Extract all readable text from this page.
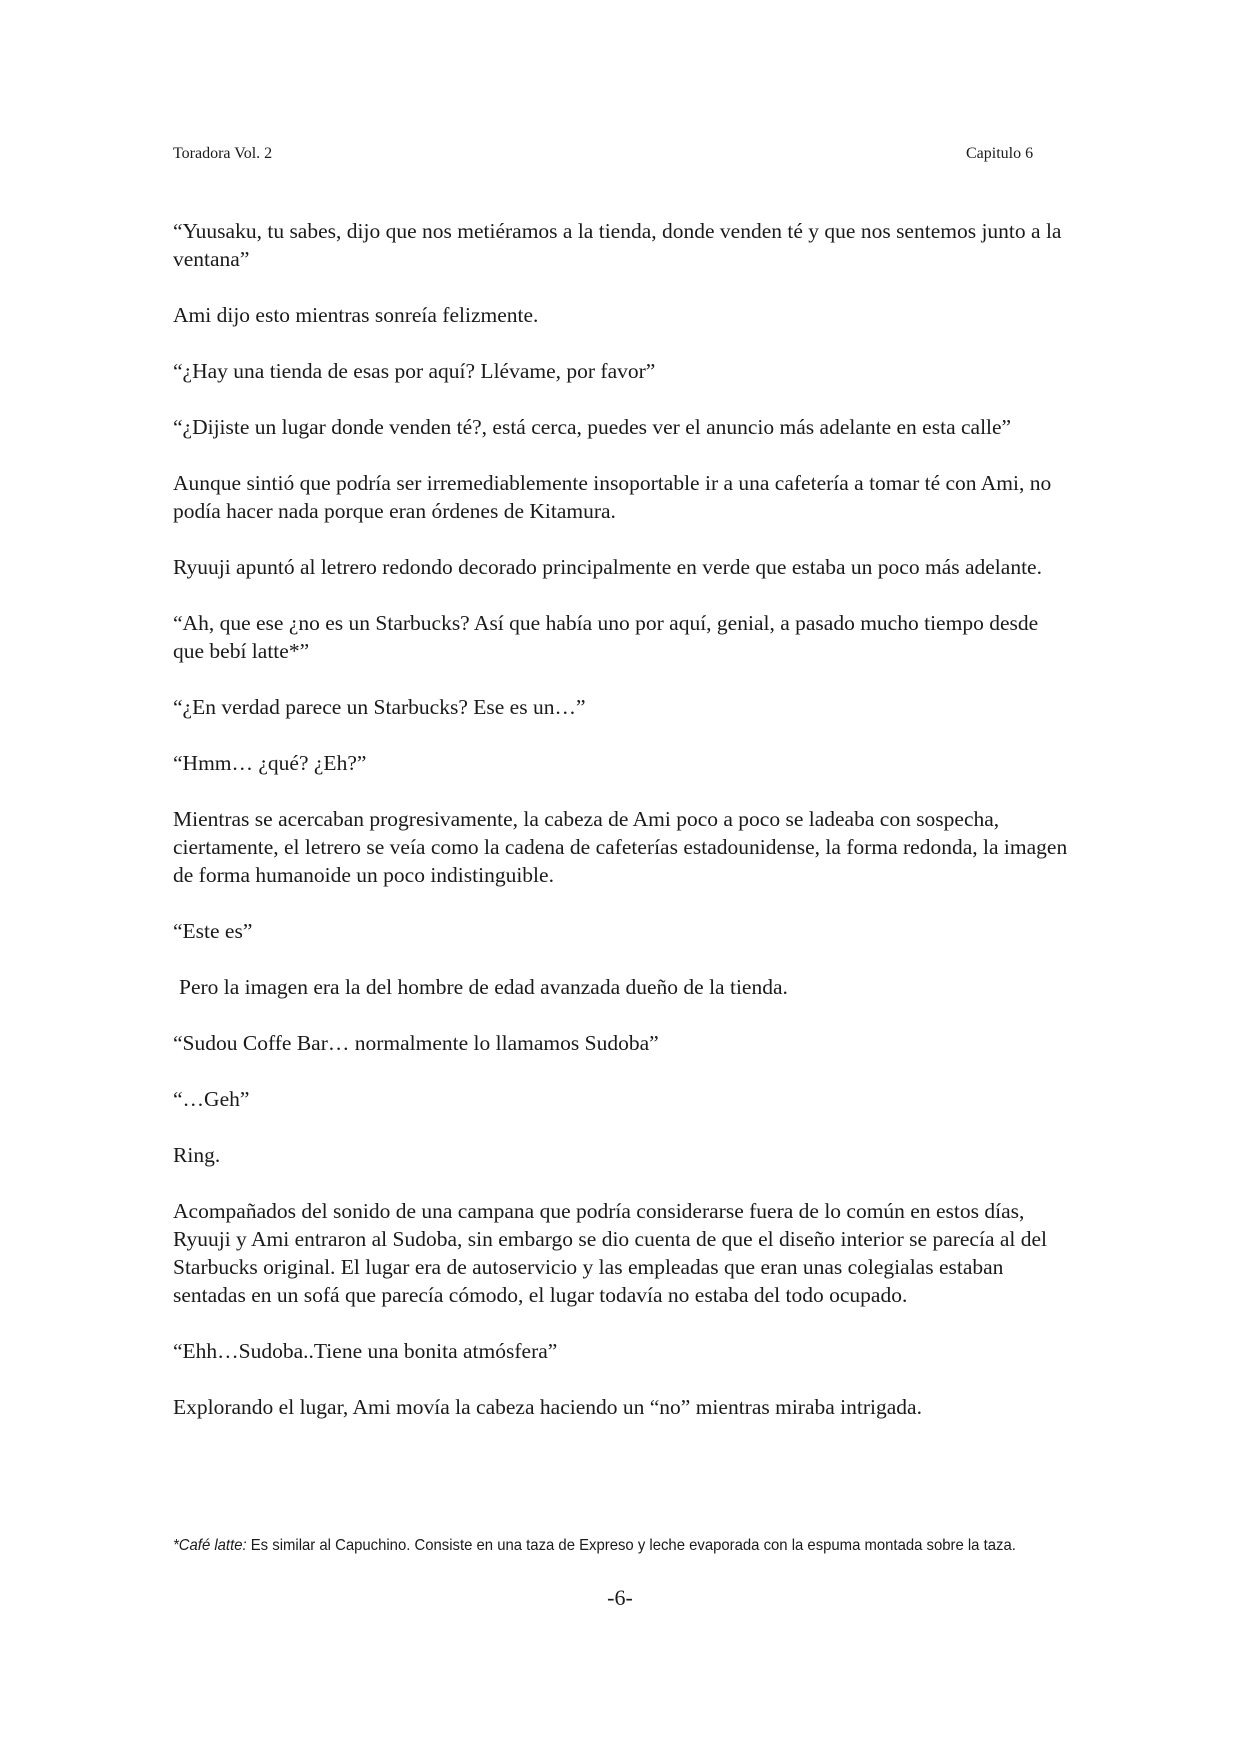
Toradora Vol. 2	Capitulo 6

“Yuusaku, tu sabes, dijo que nos metiéramos a la tienda, donde venden té y que nos sentemos junto a la ventana”

Ami dijo esto mientras sonreía felizmente.

“¿Hay una tienda de esas por aquí? Llévame, por favor”

“¿Dijiste un lugar donde venden té?, está cerca, puedes ver el anuncio más adelante en esta calle”

Aunque sintió que podría ser irremediablemente insoportable ir a una cafetería a tomar té con Ami, no podía hacer nada porque eran órdenes de Kitamura.

Ryuuji apuntó al letrero redondo decorado principalmente en verde que estaba un poco más adelante.

“Ah, que ese ¿no es un Starbucks? Así que había uno por aquí, genial, a pasado mucho tiempo desde que bebí latte*”

“¿En verdad parece un Starbucks? Ese es un…”

“Hmm… ¿qué? ¿Eh?”

Mientras se acercaban progresivamente, la cabeza de Ami poco a poco se ladeaba con sospecha, ciertamente, el letrero se veía como la cadena de cafeterías estadounidense, la forma redonda, la imagen de forma humanoide un poco indistinguible.

“Este es”

Pero la imagen era la del hombre de edad avanzada dueño de la tienda.

“Sudou Coffe Bar… normalmente lo llamamos Sudoba”

“…Geh”

Ring.

Acompañados del sonido de una campana que podría considerarse fuera de lo común en estos días, Ryuuji y Ami entraron al Sudoba, sin embargo se dio cuenta de que el diseño interior se parecía al del Starbucks original. El lugar era de autoservicio y las empleadas que eran unas colegialas estaban sentadas en un sofá que parecía cómodo, el lugar todavía no estaba del todo ocupado.

“Ehh…Sudoba..Tiene una bonita atmósfera”

Explorando el lugar, Ami movía la cabeza haciendo un “no” mientras miraba intrigada.

*Café latte: Es similar al Capuchino. Consiste en una taza de Expreso y leche evaporada con la espuma montada sobre la taza.
-6-
